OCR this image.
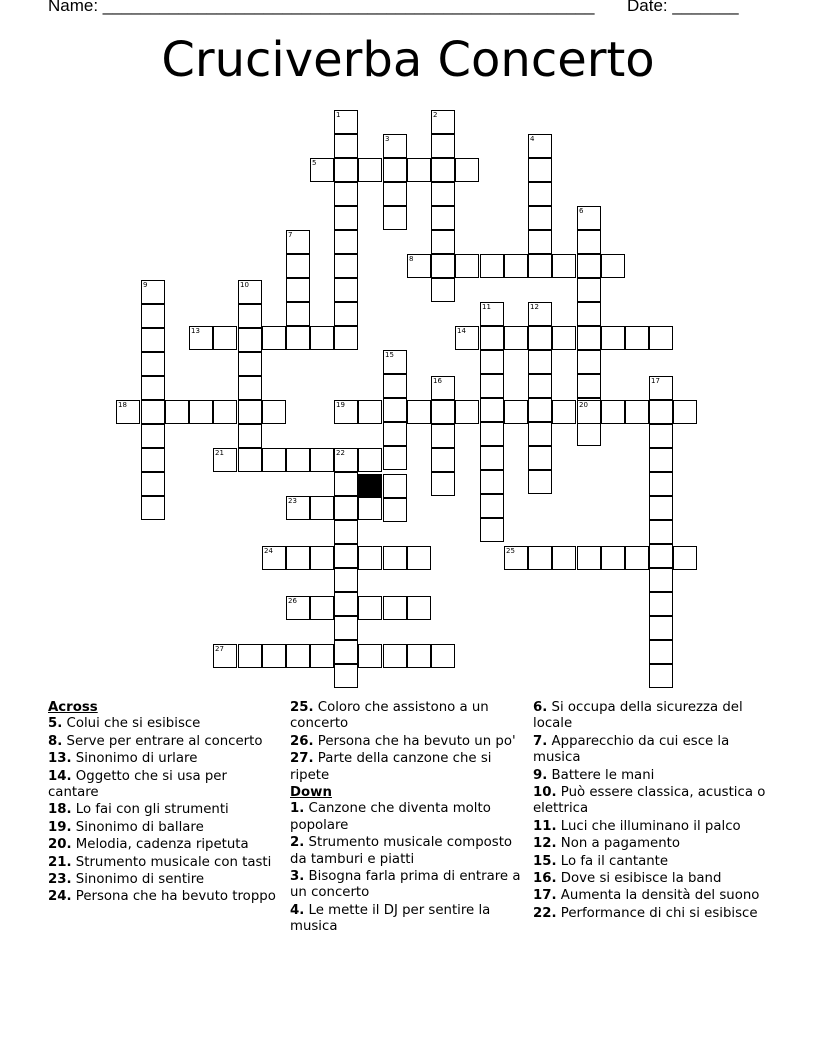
Name: ____________________________________________________ Date: _______
Cruciverba Concerto
1	2
3	4
5
6
7
8
9	10
11	12
13	14
15
16	17
18	19	20
21	22
23
24	25
26
27
Across
5. Colui che si esibisce
8. Serve per entrare al concerto
13. Sinonimo di urlare
14. Oggetto che si usa per cantare
18. Lo fai con gli strumenti
19. Sinonimo di ballare
20. Melodia, cadenza ripetuta
21. Strumento musicale con tasti
23. Sinonimo di sentire
24. Persona che ha bevuto troppo
25. Coloro che assistono a un concerto
26. Persona che ha bevuto un po'
27. Parte della canzone che si ripete
Down
1. Canzone che diventa molto popolare
2. Strumento musicale composto da tamburi e piatti
3. Bisogna farla prima di entrare a un concerto
4. Le mette il DJ per sentire la musica
6. Si occupa della sicurezza del locale
7. Apparecchio da cui esce la musica
9. Battere le mani
10. Può essere classica, acustica o elettrica
11. Luci che illuminano il palco
12. Non a pagamento
15. Lo fa il cantante
16. Dove si esibisce la band
17. Aumenta la densità del suono
22. Performance di chi si esibisce
